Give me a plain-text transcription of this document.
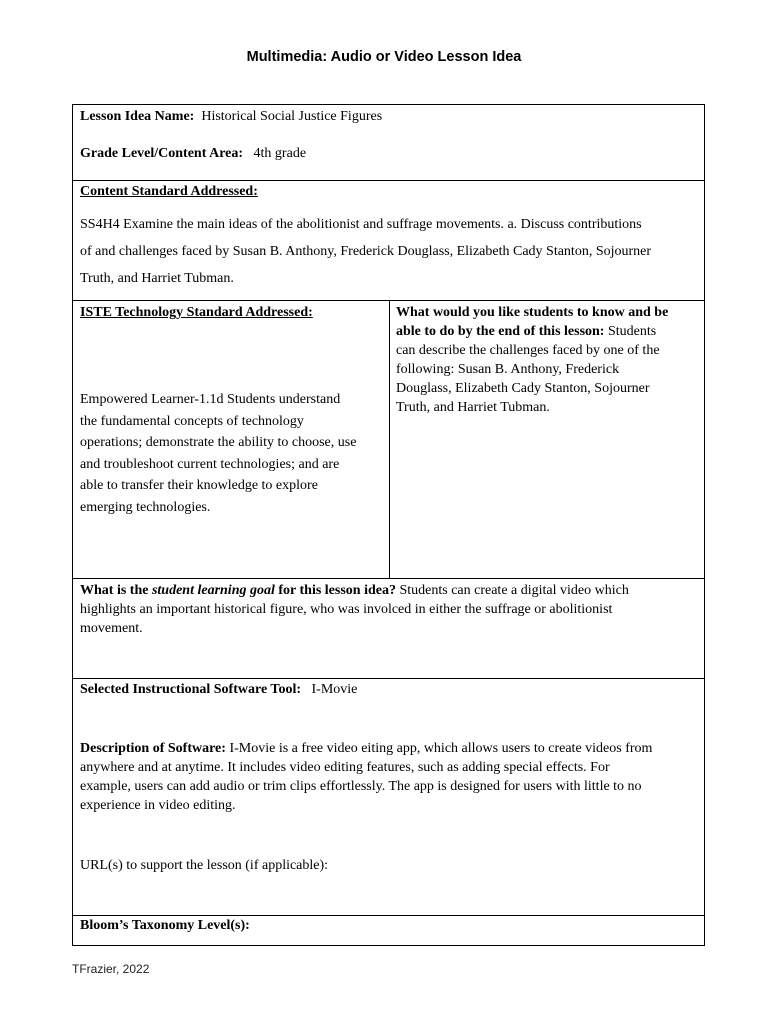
Multimedia: Audio or Video Lesson Idea
Lesson Idea Name: Historical Social Justice Figures
Grade Level/Content Area: 4th grade
Content Standard Addressed:
SS4H4 Examine the main ideas of the abolitionist and suffrage movements. a. Discuss contributions
of and challenges faced by Susan B. Anthony, Frederick Douglass, Elizabeth Cady Stanton, Sojourner
Truth, and Harriet Tubman.
ISTE Technology Standard Addressed:
Empowered Learner-1.1d Students understand
the fundamental concepts of technology
operations; demonstrate the ability to choose, use
and troubleshoot current technologies; and are
able to transfer their knowledge to explore
emerging technologies.
What would you like students to know and be
able to do by the end of this lesson: Students
can describe the challenges faced by one of the
following: Susan B. Anthony, Frederick
Douglass, Elizabeth Cady Stanton, Sojourner
Truth, and Harriet Tubman.
What is the student learning goal for this lesson idea? Students can create a digital video which
highlights an important historical figure, who was involced in either the suffrage or abolitionist
movement.
Selected Instructional Software Tool: I-Movie
Description of Software: I-Movie is a free video eiting app, which allows users to create videos from
anywhere and at anytime. It includes video editing features, such as adding special effects. For
example, users can add audio or trim clips effortlessly. The app is designed for users with little to no
experience in video editing.
URL(s) to support the lesson (if applicable):
Bloom’s Taxonomy Level(s):
TFrazier, 2022
